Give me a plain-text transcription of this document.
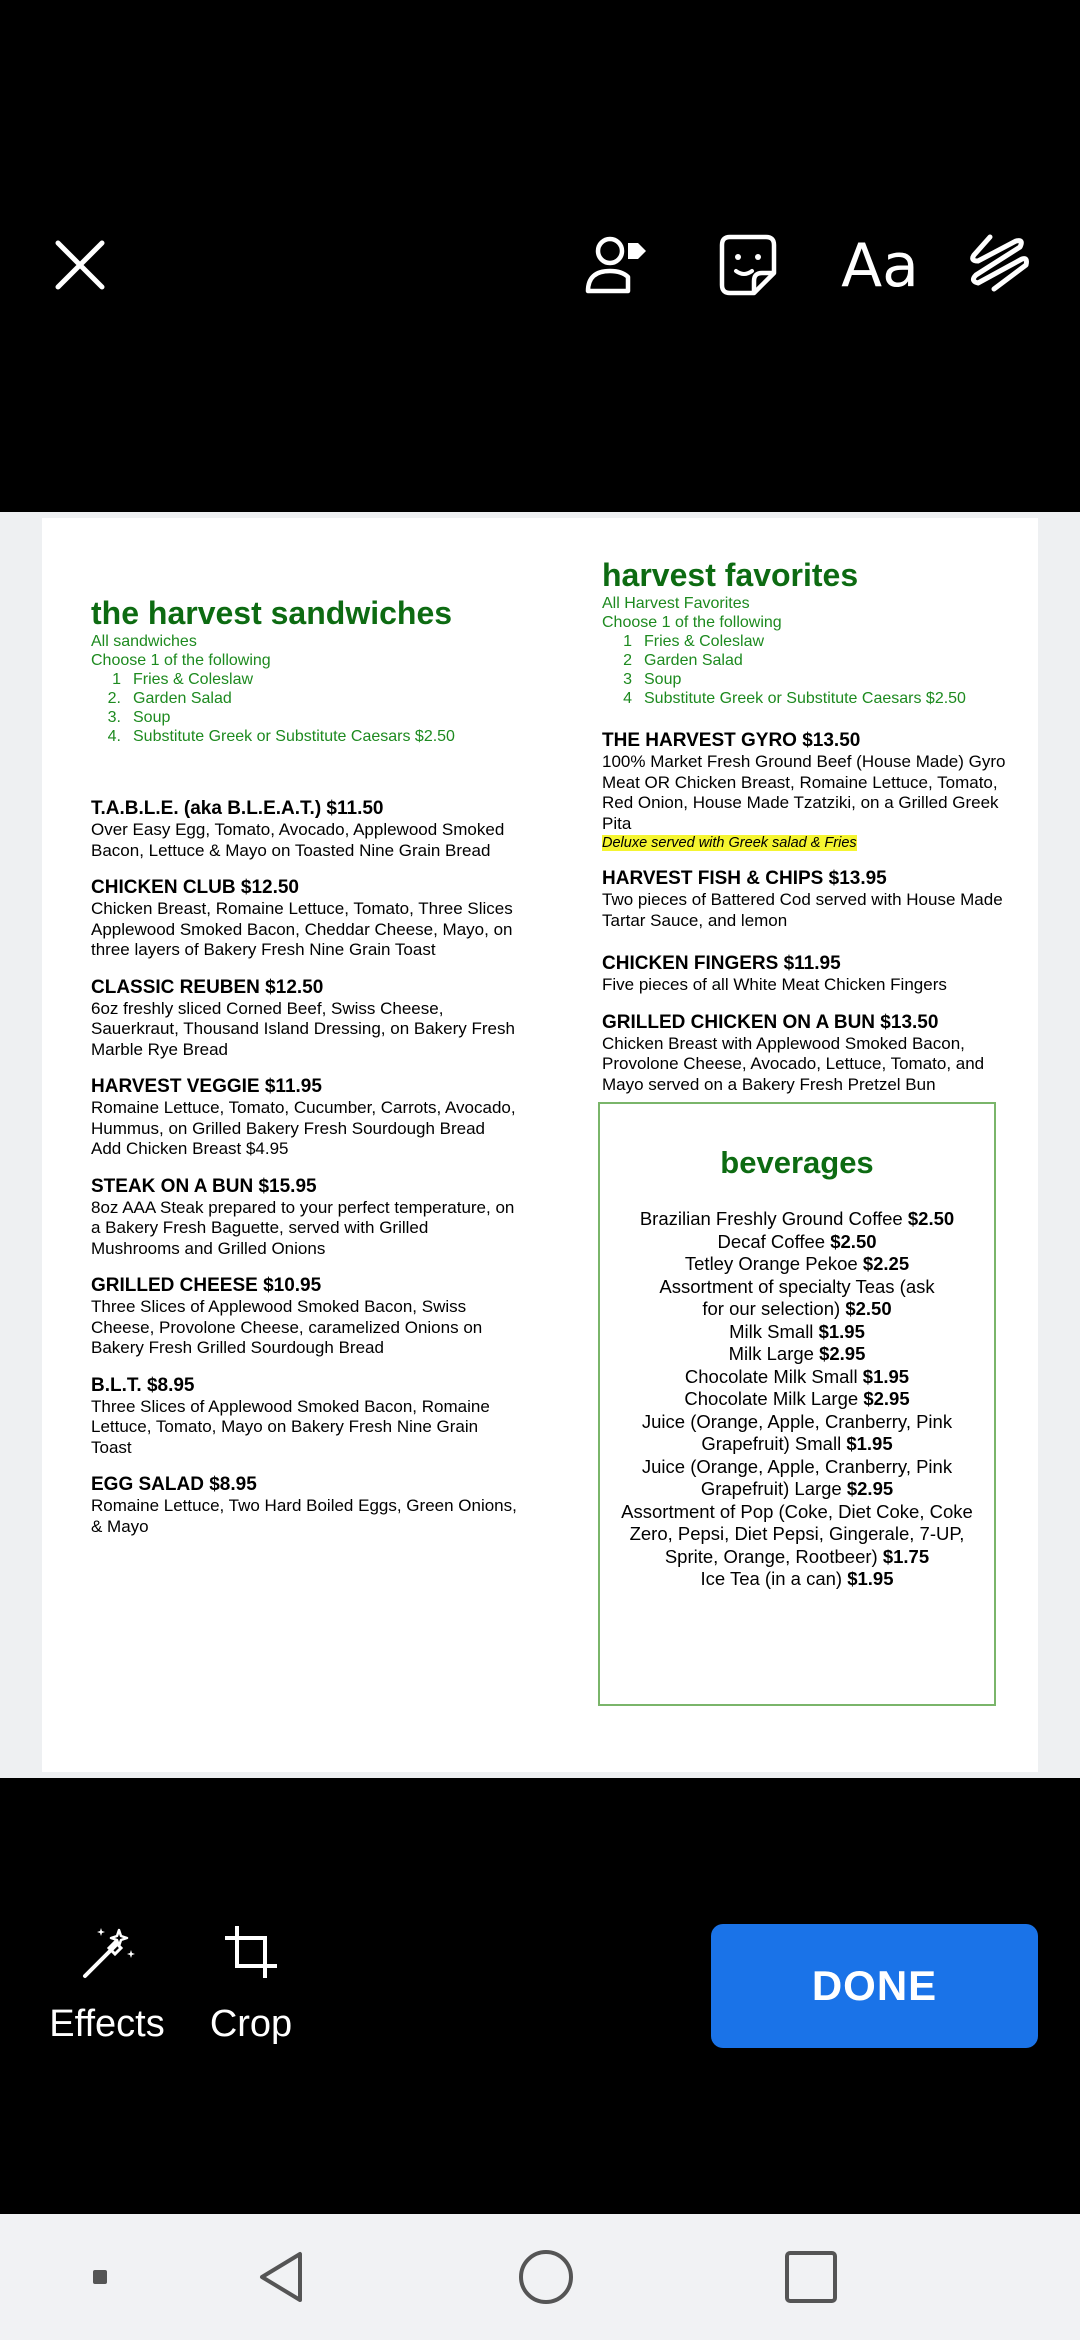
Aa
the harvest sandwiches
All sandwiches
Choose 1 of the following
1 Fries & Coleslaw
2. Garden Salad
3. Soup
4. Substitute Greek or Substitute Caesars $2.50
T.A.B.L.E. (aka B.L.E.A.T.) $11.50
Over Easy Egg, Tomato, Avocado, Applewood Smoked Bacon, Lettuce & Mayo on Toasted Nine Grain Bread
CHICKEN CLUB $12.50
Chicken Breast, Romaine Lettuce, Tomato, Three Slices Applewood Smoked Bacon, Cheddar Cheese, Mayo, on three layers of Bakery Fresh Nine Grain Toast
CLASSIC REUBEN $12.50
6oz freshly sliced Corned Beef, Swiss Cheese, Sauerkraut, Thousand Island Dressing, on Bakery Fresh Marble Rye Bread
HARVEST VEGGIE $11.95
Romaine Lettuce, Tomato, Cucumber, Carrots, Avocado, Hummus, on Grilled Bakery Fresh Sourdough Bread
Add Chicken Breast $4.95
STEAK ON A BUN $15.95
8oz AAA Steak prepared to your perfect temperature, on a Bakery Fresh Baguette, served with Grilled Mushrooms and Grilled Onions
GRILLED CHEESE $10.95
Three Slices of Applewood Smoked Bacon, Swiss Cheese, Provolone Cheese, caramelized Onions on Bakery Fresh Grilled Sourdough Bread
B.L.T. $8.95
Three Slices of Applewood Smoked Bacon, Romaine Lettuce, Tomato, Mayo on Bakery Fresh Nine Grain Toast
EGG SALAD $8.95
Romaine Lettuce, Two Hard Boiled Eggs, Green Onions, & Mayo
harvest favorites
All Harvest Favorites
Choose 1 of the following
1 Fries & Coleslaw
2 Garden Salad
3 Soup
4 Substitute Greek or Substitute Caesars $2.50
THE HARVEST GYRO $13.50
100% Market Fresh Ground Beef (House Made) Gyro Meat OR Chicken Breast, Romaine Lettuce, Tomato, Red Onion, House Made Tzatziki, on a Grilled Greek Pita
Deluxe served with Greek salad & Fries
HARVEST FISH & CHIPS $13.95
Two pieces of Battered Cod served with House Made Tartar Sauce, and lemon
CHICKEN FINGERS $11.95
Five pieces of all White Meat Chicken Fingers
GRILLED CHICKEN ON A BUN $13.50
Chicken Breast with Applewood Smoked Bacon, Provolone Cheese, Avocado, Lettuce, Tomato, and Mayo served on a Bakery Fresh Pretzel Bun
beverages
Brazilian Freshly Ground Coffee $2.50
Decaf Coffee $2.50
Tetley Orange Pekoe $2.25
Assortment of specialty Teas (ask for our selection) $2.50
Milk Small $1.95
Milk Large $2.95
Chocolate Milk Small $1.95
Chocolate Milk Large $2.95
Juice (Orange, Apple, Cranberry, Pink Grapefruit) Small $1.95
Juice (Orange, Apple, Cranberry, Pink Grapefruit) Large $2.95
Assortment of Pop (Coke, Diet Coke, Coke Zero, Pepsi, Diet Pepsi, Gingerale, 7-UP, Sprite, Orange, Rootbeer) $1.75
Ice Tea (in a can) $1.95
Effects	Crop
DONE
